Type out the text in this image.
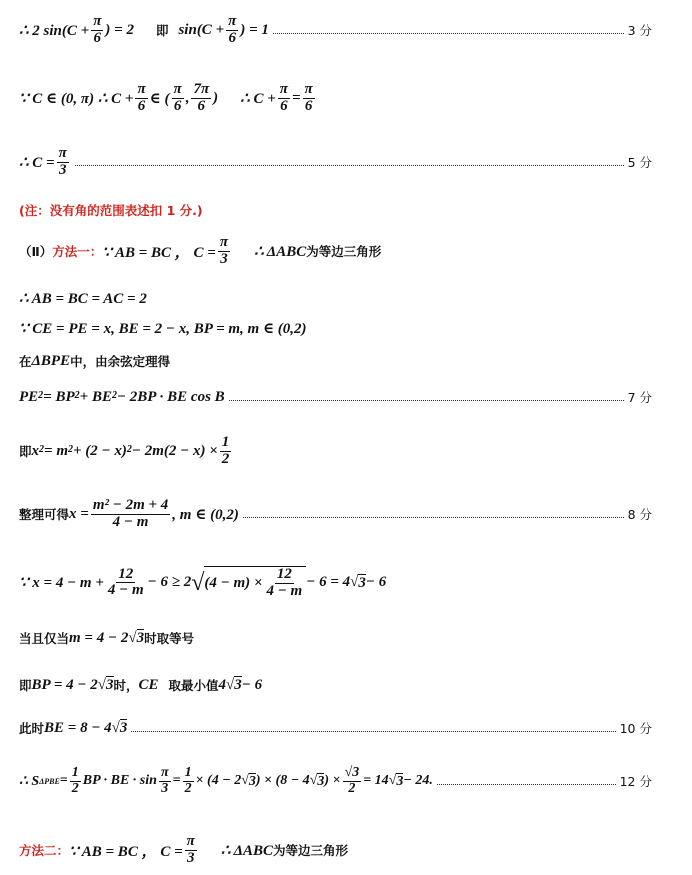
∴ 2 $\sin(C + \frac{\pi}{6}$ ) = 2 即 $\sin(C + \frac{\pi}{6}$ ) = 1	3 分
∵ C ∈ (0, π) ∴ $C + \frac{\pi}{6}$ ∈ ( $\frac{\pi}{6}$ , $\frac{7\pi}{6}$ ) ∴ $C + \frac{\pi}{6} = \frac{\pi}{6}$
∴ $C = \frac{\pi}{3}$	5 分
(注：没有角的范围表述扣 1 分.)
（Ⅱ） 方法一： ∵ AB = BC ， $C = \frac{\pi}{3}$ ∴ ΔABC 为等边三角形
∴ AB = BC = AC = 2
∵ CE = PE = x, BE = 2 − x, BP = m, m ∈ (0,2)
在 ΔBPE 中，由余弦定理得
$PE^2 = BP^2 + BE^2 - 2BP$ · BE cos B	7 分
即 $x^2 = m^2 + (2 - x)^2 - 2m(2 - x) \times \frac{1}{2}$
整理可得 $x = \frac{\text{m² − 2m + 4}}{4 - m}$ , m ∈ (0,2)	8 分
∵ $x = 4 - m + \frac{12}{4 - m} - 6 \ge 2$ √ $(4 - m) \times \frac{12}{4 - m} - 6 = 4$ √ 3 − 6
当且仅当 m = 4 − 2 √ 3 时取等号
即 BP = 4 − 2 √ 3 时， CE 取最小值 4 √ 3 − 6
此时 BE = 8 − 4 √ 3	10 分
∴ S $\Delta PBE = \frac{1}{2}$ BP · BE · $\sin \frac{\pi}{3} = \frac{1}{2} \times (4 - 2$ √ 3 ) × (8 − 4 √ 3 ) × $\frac{√3}{2} = 14$ √ 3 − 24.	12 分
方法二： ∵ AB = BC ， $C = \frac{\pi}{3}$ ∴ ΔABC 为等边三角形
